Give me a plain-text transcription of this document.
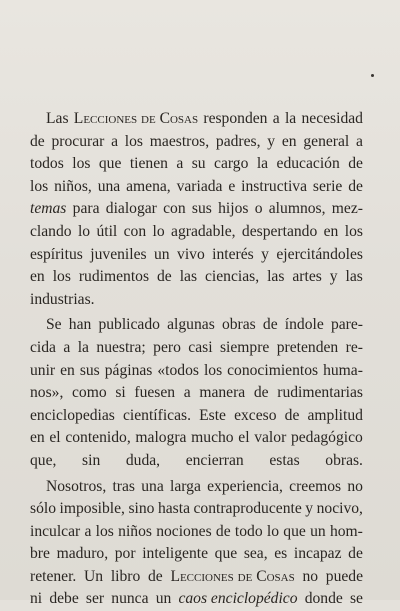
Las Lecciones de Cosas responden a la necesidad
de procurar a los maestros, padres, y en general a
todos los que tienen a su cargo la educación de
los niños, una amena, variada e instructiva serie de
temas para dialogar con sus hijos o alumnos, mez-
clando lo útil con lo agradable, despertando en los
espíritus juveniles un vivo interés y ejercitándoles
en los rudimentos de las ciencias, las artes y las
industrias.
Se han publicado algunas obras de índole pare-
cida a la nuestra; pero casi siempre pretenden re-
unir en sus páginas «todos los conocimientos huma-
nos», como si fuesen a manera de rudimentarias
enciclopedias científicas. Este exceso de amplitud
en el contenido, malogra mucho el valor pedagógico
que, sin duda, encierran estas obras.
Nosotros, tras una larga experiencia, creemos no
sólo imposible, sino hasta contraproducente y nocivo,
inculcar a los niños nociones de todo lo que un hom-
bre maduro, por inteligente que sea, es incapaz de
retener. Un libro de Lecciones de Cosas no puede
ni debe ser nunca un caos enciclopédico donde se
